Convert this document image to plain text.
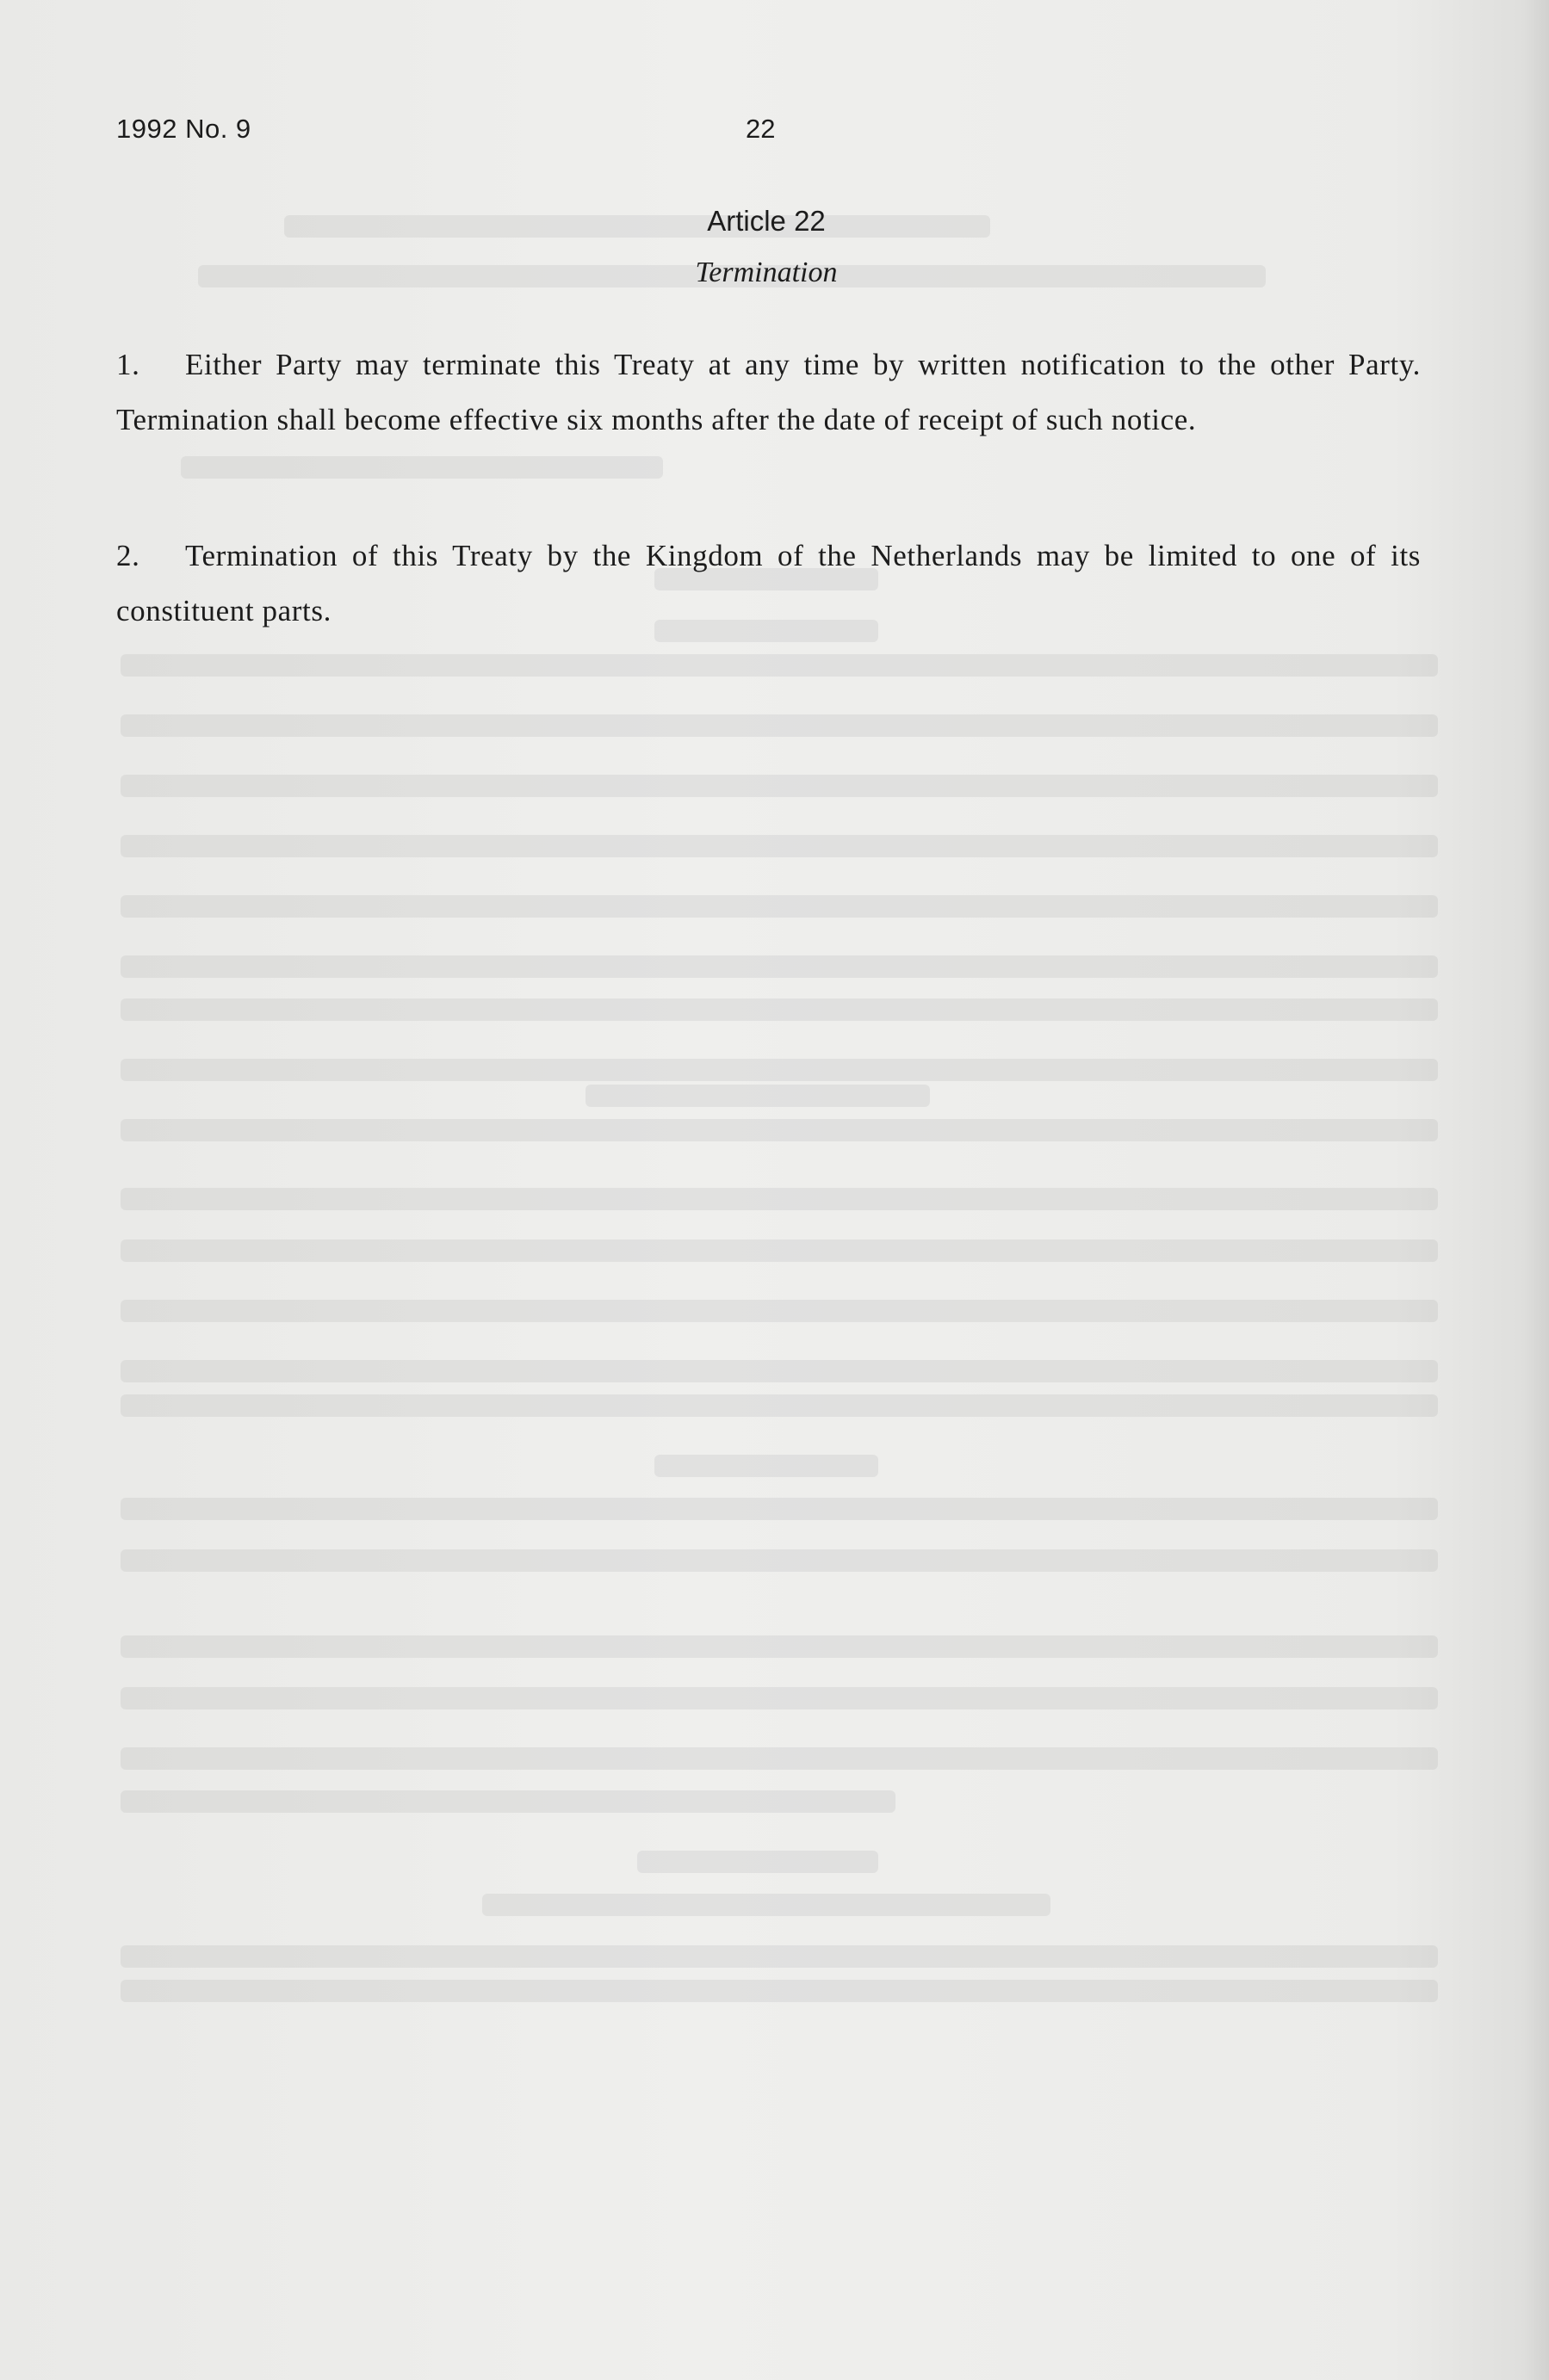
1992 No. 9	22
Article 22
Termination
1. Either Party may terminate this Treaty at any time by written notification to the other Party. Termination shall become effective six months after the date of receipt of such notice.
2. Termination of this Treaty by the Kingdom of the Netherlands may be limited to one of its constituent parts.
